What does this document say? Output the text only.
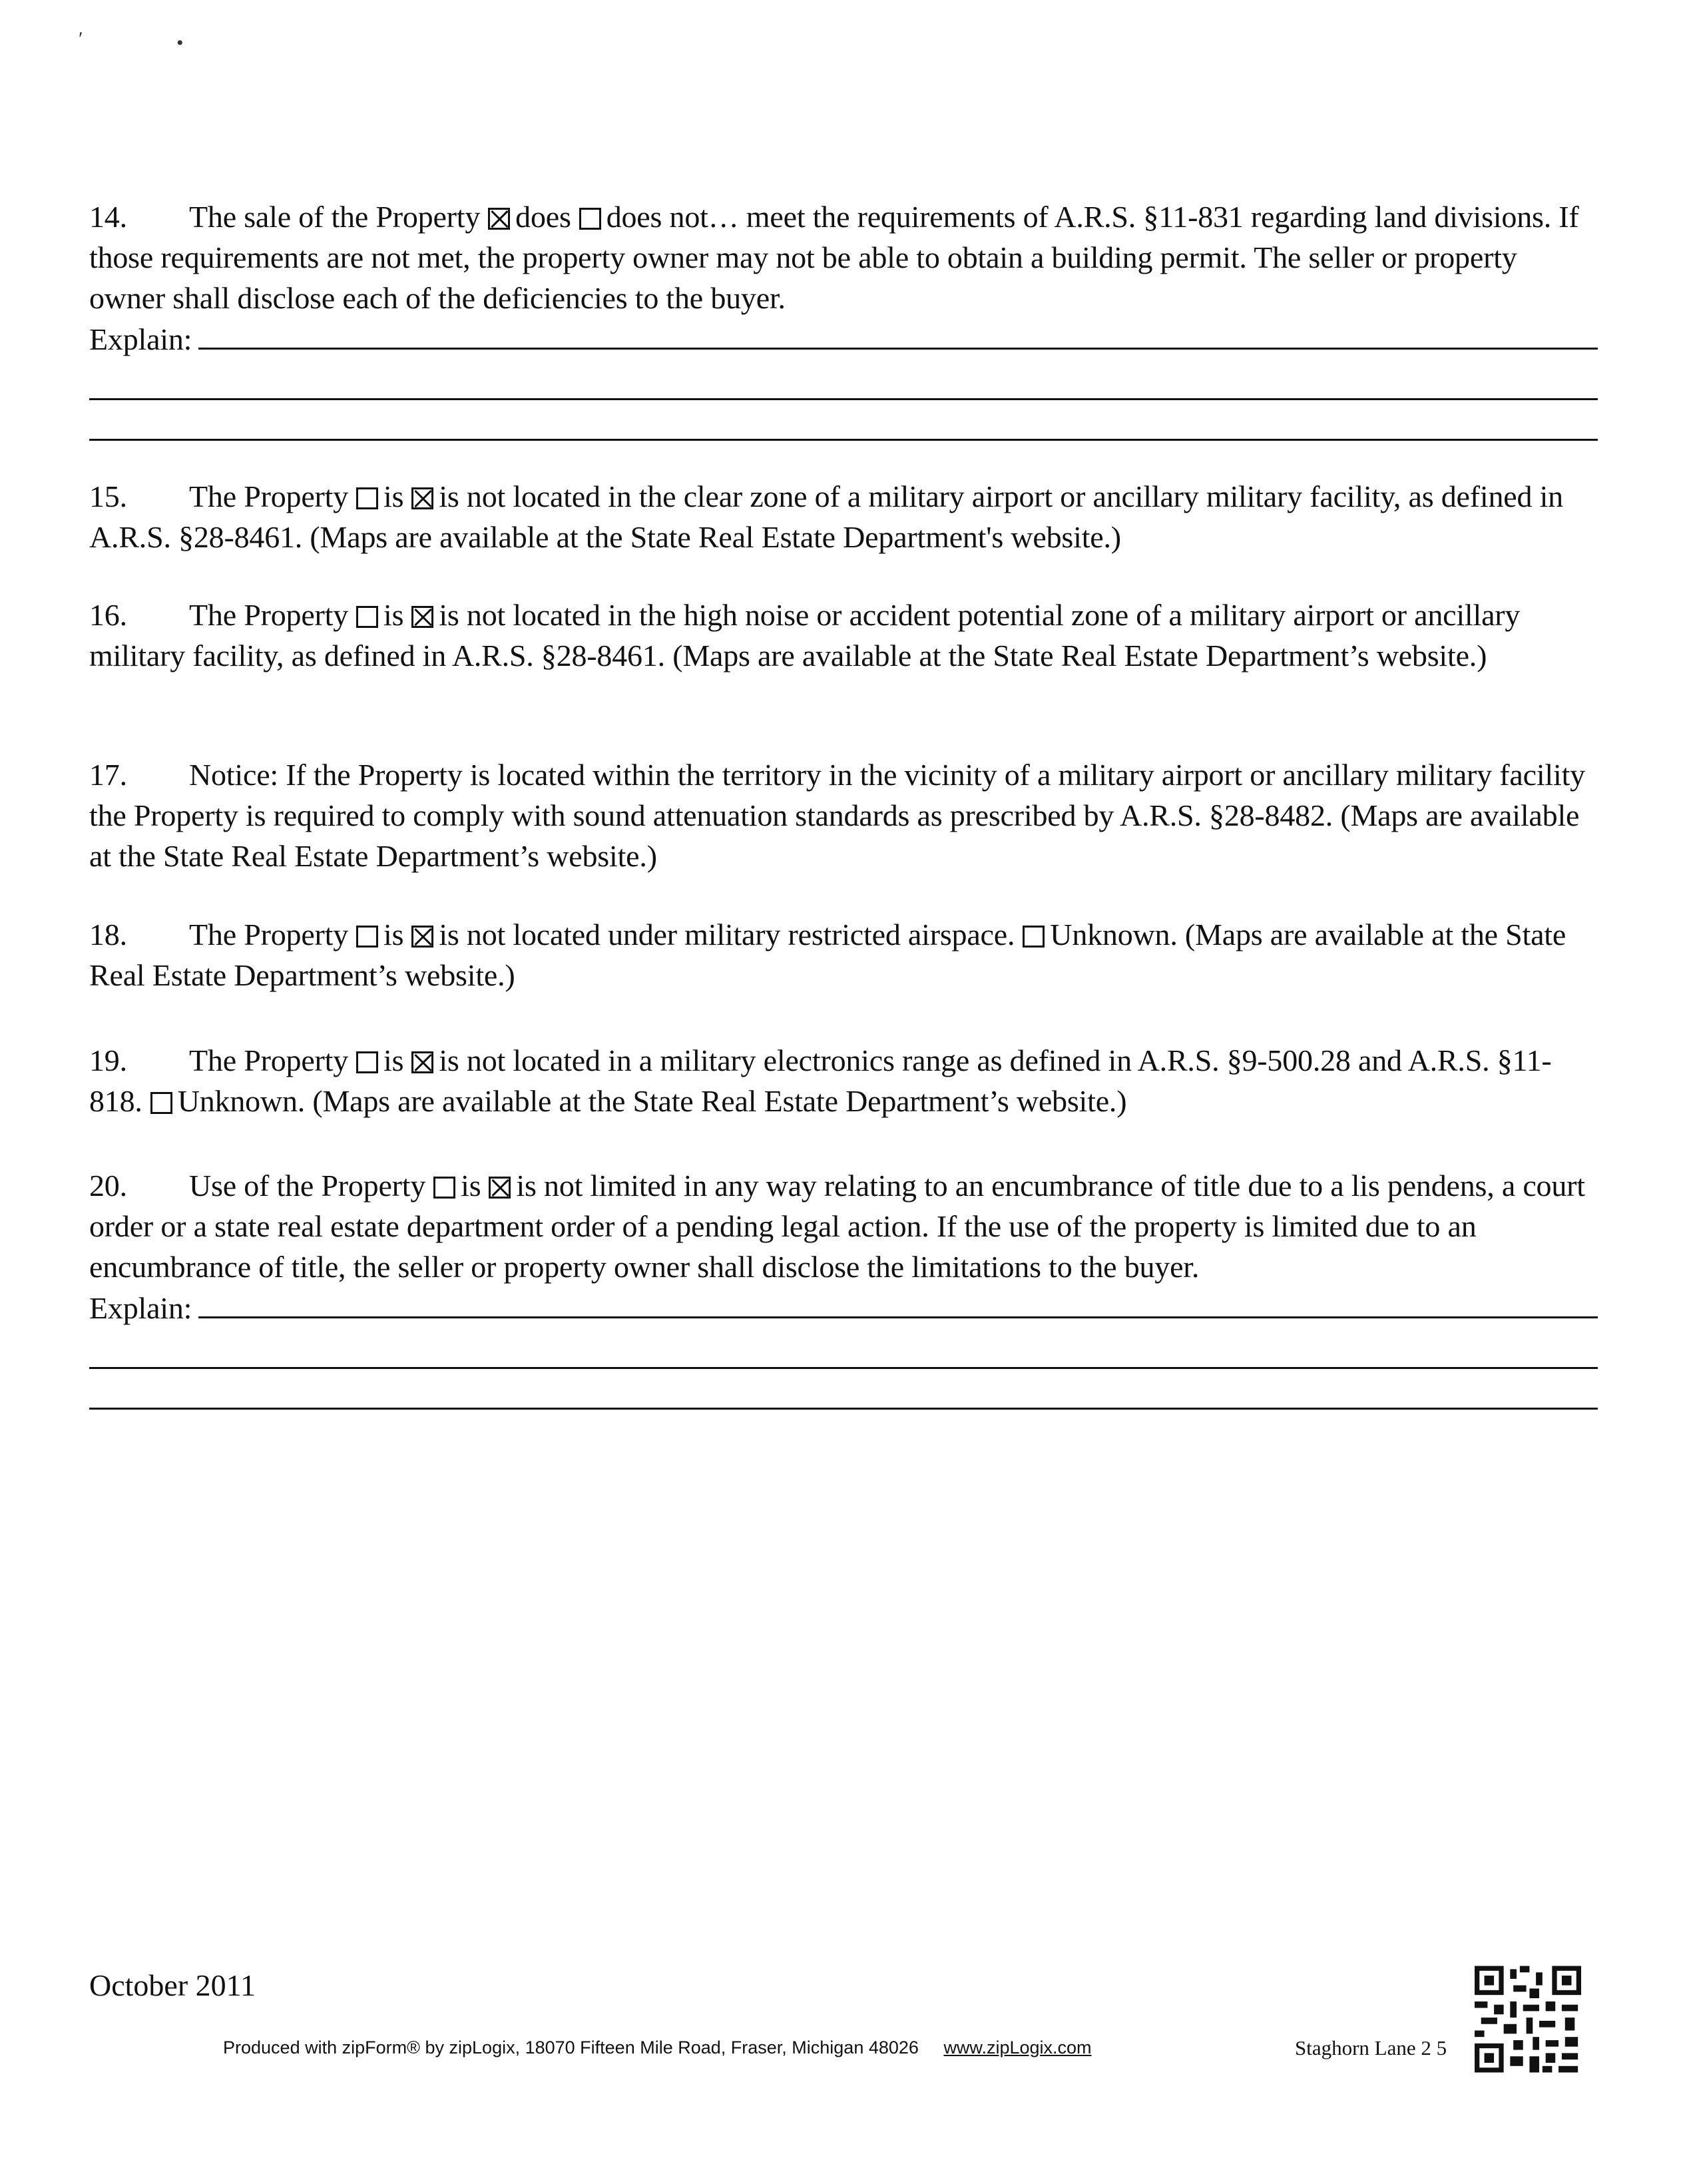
ʹ	•

14. The sale of the Property does does not… meet the requirements of A.R.S. §11-831 regarding land divisions. If those requirements are not met, the property owner may not be able to obtain a building permit. The seller or property owner shall disclose each of the deficiencies to the buyer.

Explain:

15. The Property is is not located in the clear zone of a military airport or ancillary military facility, as defined in A.R.S. §28-8461. (Maps are available at the State Real Estate Department's website.)

16. The Property is is not located in the high noise or accident potential zone of a military airport or ancillary military facility, as defined in A.R.S. §28-8461. (Maps are available at the State Real Estate Department’s website.)

17. Notice: If the Property is located within the territory in the vicinity of a military airport or ancillary military facility the Property is required to comply with sound attenuation standards as prescribed by A.R.S. §28-8482. (Maps are available at the State Real Estate Department’s website.)

18. The Property is is not located under military restricted airspace. Unknown. (Maps are available at the State Real Estate Department’s website.)

19. The Property is is not located in a military electronics range as defined in A.R.S. §9-500.28 and A.R.S. §11-818. Unknown. (Maps are available at the State Real Estate Department’s website.)

20. Use of the Property is is not limited in any way relating to an encumbrance of title due to a lis pendens, a court order or a state real estate department order of a pending legal action. If the use of the property is limited due to an encumbrance of title, the seller or property owner shall disclose the limitations to the buyer.

Explain:
October 2011
Produced with zipForm® by zipLogix, 18070 Fifteen Mile Road, Fraser, Michigan 48026 www.zipLogix.com	Staghorn Lane 2 5
